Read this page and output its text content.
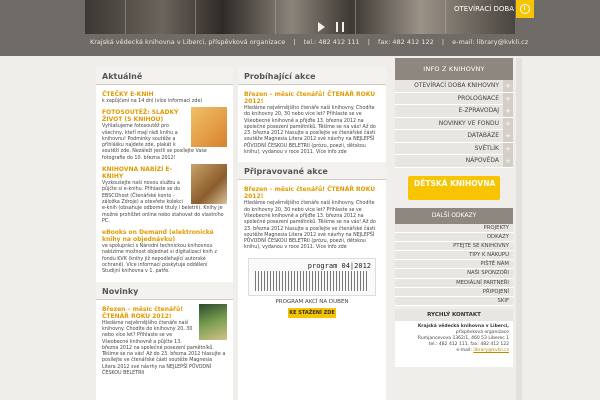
OTEVÍRACÍ DOBA
Krajská vědecká knihovna v Liberci, příspěvková organizace | tel.: 482 412 111 | fax: 482 412 122 | e-mail: library@kvkli.cz
Aktuálně
ČTEČKY E-KNIH

k zapůjčení na 14 dní (více informací zde)

FOTOSOUTĚŽ: SLADKÝ ŽIVOT (S KNIHOU)

Vyhlašujeme fotosoutěž pro všechny, kteří mají rádi knihu a knihovnu! Podmínky soutěže a přihlášku najdete zde, plakát k soutěži zde. Nezáleží jestli se posílejte Vaše fotografie do 10. března 2012!

KNIHOVNA NABÍZÍ E-KNIHY

Vyzkoušejte naši novou službu a půjčte si e-knihu. Přihlaste se do EBSCOhost (Čtenářské konto - záložka Zdroje) a otevřete kolekci e-knih (obsahuje odborné tituly i beletrii). Knihy je možné prohlížet online nebo stahovat do vlastního PC.

eBooks on Demand (elektronické knihy na objednávku)

ve spolupráci s Národní technickou knihovnou nabízíme možnost objednat si digitalizaci knih z fondu KVK (knihy již nepodléhající autorské ochraně). Více informací poskytuje oddělení Studijní knihovna v 1. patře.

Novinky
Březen – měsíc čtenářů! ČTENÁŘ ROKU 2012!

Hledáme nejvěrnějšího čtenáře naší knihovny. Chodíte do knihovny 20, 30 nebo více let? Přihlaste se ve Všeobecné knihovně a půjčte 13. března 2012 na společné posezení pamětníků. Těšíme se na vás! Až do 23. března 2012 hlasujte a posílejte ve čtenářské části soutěže Magnesia Litera 2012 své návrhy na NEJLEPŠÍ PŮVODNÍ ČESKOU BELETRII

Probíhající akce
Březen – měsíc čtenářů! ČTENÁŘ ROKU 2012!

Hledáme nejvěrnějšího čtenáře naší knihovny. Chodíte do knihovny 20, 30 nebo více let? Přihlaste se ve Všeobecné knihovně a přijďte 13. března 2012 na společné posezení pamětníků. Těšíme se na vás! Až do 23. března 2012 hlasujte a posílejte ve čtenářské části soutěže Magnesia Litera 2012 své návrhy na NEJLEPŠÍ PŮVODNÍ ČESKOU BELETRII (prózu, poezii, dětskou knihu), vydanou v roce 2011. Více info zde

Připravované akce
Březen – měsíc čtenářů! ČTENÁŘ ROKU 2012!

Hledáme nejvěrnějšího čtenáře naší knihovny. Chodíte do knihovny 20, 30 nebo více let? Přihlaste se ve Všeobecné knihovně a přijďte 13. března 2012 na společné posezení pamětníků. Těšíme se na vás! Až do 23. března 2012 hlasujte a posílejte ve čtenářské části soutěže Magnesia Litera 2012 své návrhy na NEJLEPŠÍ PŮVODNÍ ČESKOU BELETRII (prózu, poezii, dětskou knihu), vydanou v roce 2011. Více info zde

program 04|2012
PROGRAM AKCÍ NA DUBEN
KE STAŽENÍ ZDE
INFO Z KNIHOVNY
OTEVÍRACÍ DOBA KNIHOVNY +
PROLOGNACE +
E-ZPRAVODAJ +
NOVINKY VE FONDU +
DATABÁZE +
SVĚTLÍK +
NÁPOVĚDA +
DĚTSKÁ KNIHOVNA
DALŠÍ ODKAZY
PROJEKTY
ODKAZY
PTEJTE SE KNIHOVNY
TIPY K NÁKUPU
PIŠTĚ NÁM
NAŠI SPONZOŘI
MEDIÁLNÍ PARTNEŘI
PŘIPOJENÍ
SKIF
RYCHLÝ KONTAKT
Krajská vědecká knihovna v Liberci,
příspěvková organizace
Rumjancevova 1362/1, 460 53 Liberec 1
tel.: 482 412 111, fax: 482 412 122
e-mail: library@kvkli.cz
